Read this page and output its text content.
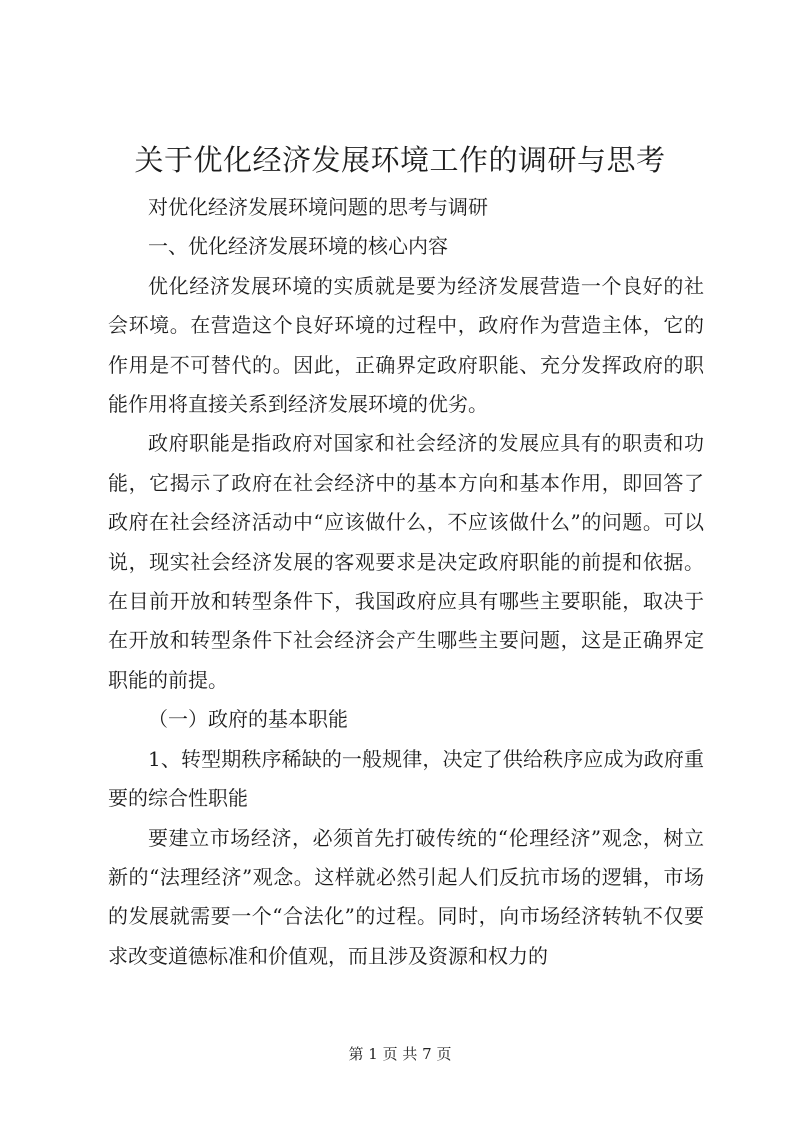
关于优化经济发展环境工作的调研与思考

对优化经济发展环境问题的思考与调研

一、优化经济发展环境的核心内容

优化经济发展环境的实质就是要为经济发展营造一个良好的社会环境。在营造这个良好环境的过程中，政府作为营造主体，它的作用是不可替代的。因此，正确界定政府职能、充分发挥政府的职能作用将直接关系到经济发展环境的优劣。

政府职能是指政府对国家和社会经济的发展应具有的职责和功能，它揭示了政府在社会经济中的基本方向和基本作用，即回答了政府在社会经济活动中“应该做什么，不应该做什么”的问题。可以说，现实社会经济发展的客观要求是决定政府职能的前提和依据。在目前开放和转型条件下，我国政府应具有哪些主要职能，取决于在开放和转型条件下社会经济会产生哪些主要问题，这是正确界定职能的前提。

（一）政府的基本职能

1、转型期秩序稀缺的一般规律，决定了供给秩序应成为政府重要的综合性职能

要建立市场经济，必须首先打破传统的“伦理经济”观念，树立新的“法理经济”观念。这样就必然引起人们反抗市场的逻辑，市场的发展就需要一个“合法化”的过程。同时，向市场经济转轨不仅要求改变道德标准和价值观，而且涉及资源和权力的

第 1 页 共 7 页
